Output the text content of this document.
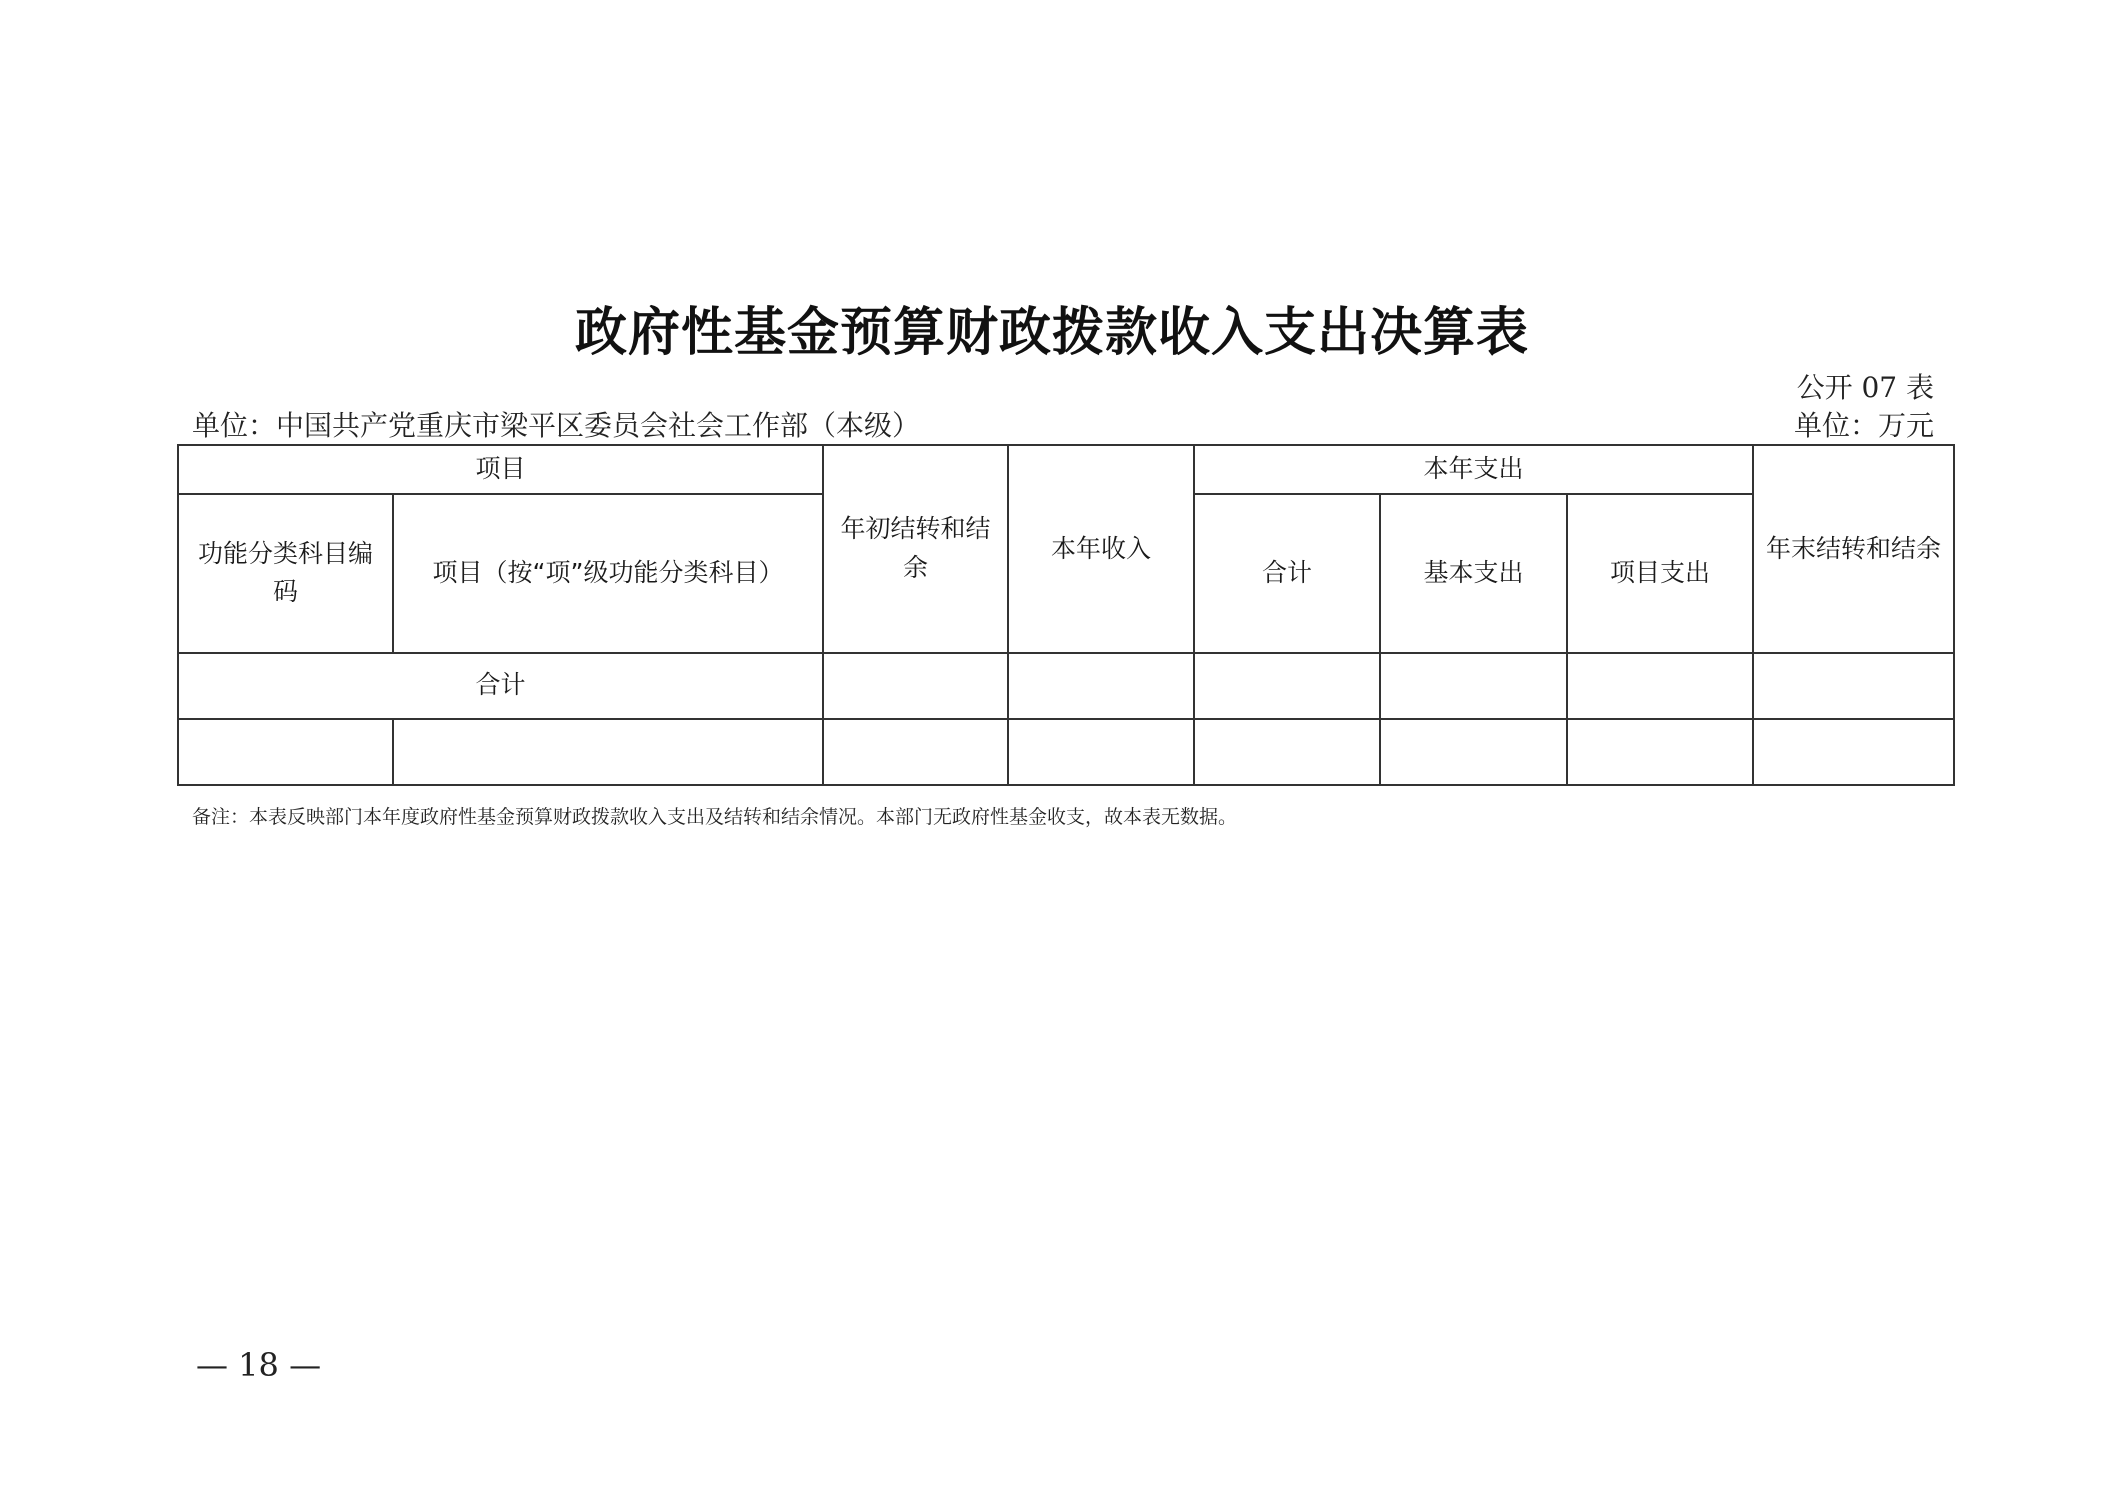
政府性基金预算财政拨款收入支出决算表
公开 07 表
单位：中国共产党重庆市梁平区委员会社会工作部（本级）	单位：万元
项目		年初结转和结余	本年收入	本年支出			年末结转和结余
功能分类科目编码	项目（按“项”级功能分类科目）			合计	基本支出	项目支出	
合计							

备注：本表反映部门本年度政府性基金预算财政拨款收入支出及结转和结余情况。本部门无政府性基金收支，故本表无数据。
— 18 —
